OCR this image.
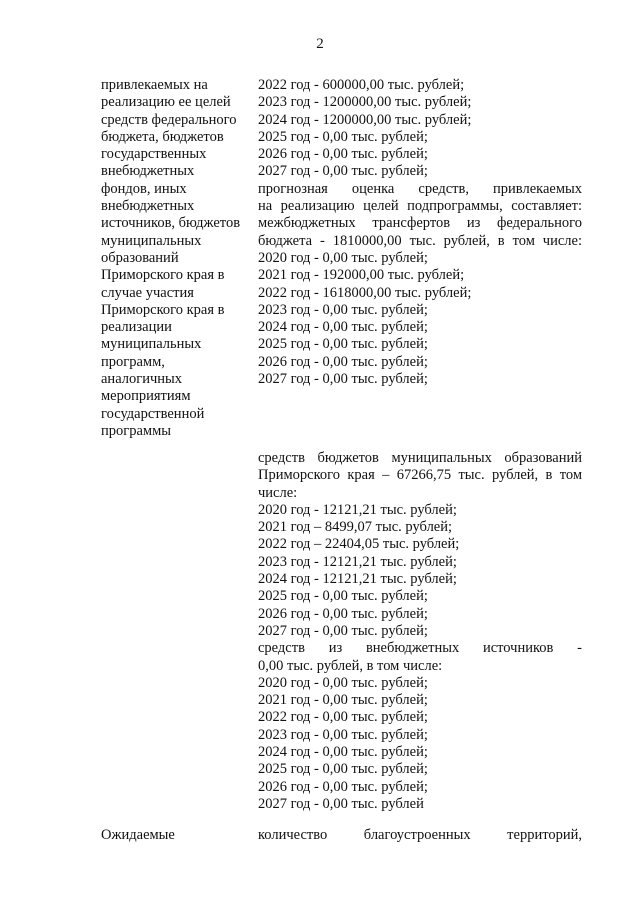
2
привлекаемых на
реализацию ее целей
средств федерального
бюджета, бюджетов
государственных
внебюджетных
фондов, иных
внебюджетных
источников, бюджетов
муниципальных
образований
Приморского края в
случае участия
Приморского края в
реализации
муниципальных
программ,
аналогичных
мероприятиям
государственной
программы
2022 год - 600000,00 тыс. рублей;
2023 год - 1200000,00 тыс. рублей;
2024 год - 1200000,00 тыс. рублей;
2025 год - 0,00 тыс. рублей;
2026 год - 0,00 тыс. рублей;
2027 год - 0,00 тыс. рублей;
прогнозная оценка средств, привлекаемых
на реализацию целей подпрограммы, составляет:
межбюджетных трансфертов из федерального
бюджета - 1810000,00 тыс. рублей, в том числе:
2020 год - 0,00 тыс. рублей;
2021 год - 192000,00 тыс. рублей;
2022 год - 1618000,00 тыс. рублей;
2023 год - 0,00 тыс. рублей;
2024 год - 0,00 тыс. рублей;
2025 год - 0,00 тыс. рублей;
2026 год - 0,00 тыс. рублей;
2027 год - 0,00 тыс. рублей;
средств бюджетов муниципальных образований
Приморского края – 67266,75 тыс. рублей, в том
числе:
2020 год - 12121,21 тыс. рублей;
2021 год – 8499,07 тыс. рублей;
2022 год – 22404,05 тыс. рублей;
2023 год - 12121,21 тыс. рублей;
2024 год - 12121,21 тыс. рублей;
2025 год - 0,00 тыс. рублей;
2026 год - 0,00 тыс. рублей;
2027 год - 0,00 тыс. рублей;
средств из внебюджетных источников -
0,00 тыс. рублей, в том числе:
2020 год - 0,00 тыс. рублей;
2021 год - 0,00 тыс. рублей;
2022 год - 0,00 тыс. рублей;
2023 год - 0,00 тыс. рублей;
2024 год - 0,00 тыс. рублей;
2025 год - 0,00 тыс. рублей;
2026 год - 0,00 тыс. рублей;
2027 год - 0,00 тыс. рублей
Ожидаемые	количество благоустроенных территорий,
